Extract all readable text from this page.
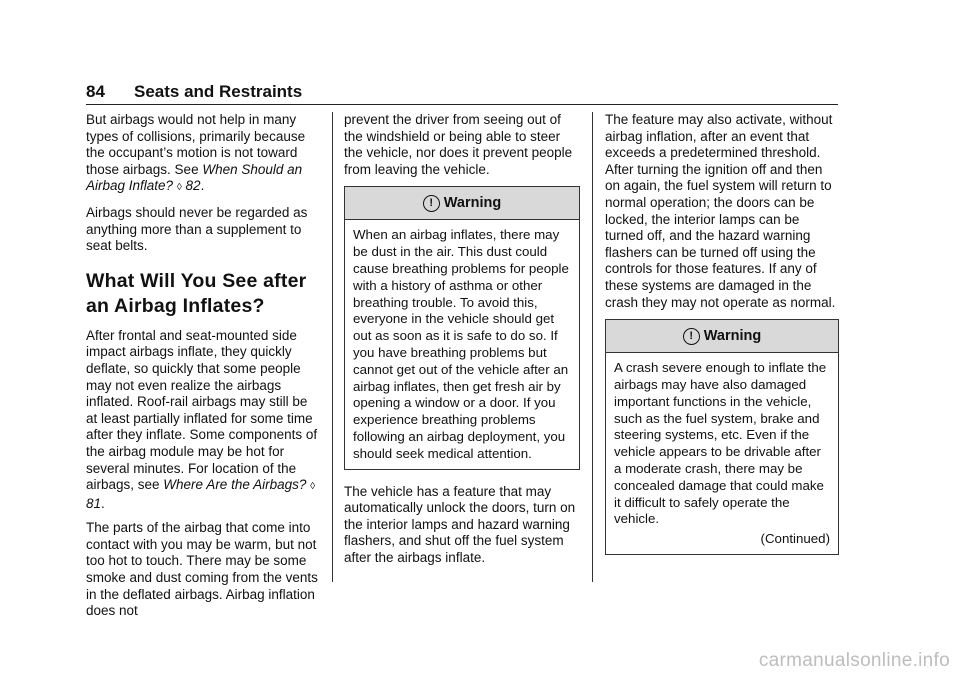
84 Seats and Restraints

But airbags would not help in many types of collisions, primarily because the occupant’s motion is not toward those airbags. See When Should an Airbag Inflate? ◊ 82.

Airbags should never be regarded as anything more than a supplement to seat belts.

What Will You See after an Airbag Inflates?

After frontal and seat-mounted side impact airbags inflate, they quickly deflate, so quickly that some people may not even realize the airbags inflated. Roof-rail airbags may still be at least partially inflated for some time after they inflate. Some components of the airbag module may be hot for several minutes. For location of the airbags, see Where Are the Airbags? ◊ 81.

The parts of the airbag that come into contact with you may be warm, but not too hot to touch. There may be some smoke and dust coming from the vents in the deflated airbags. Airbag inflation does not

prevent the driver from seeing out of the windshield or being able to steer the vehicle, nor does it prevent people from leaving the vehicle.

! Warning
When an airbag inflates, there may be dust in the air. This dust could cause breathing problems for people with a history of asthma or other breathing trouble. To avoid this, everyone in the vehicle should get out as soon as it is safe to do so. If you have breathing problems but cannot get out of the vehicle after an airbag inflates, then get fresh air by opening a window or a door. If you experience breathing problems following an airbag deployment, you should seek medical attention.

The vehicle has a feature that may automatically unlock the doors, turn on the interior lamps and hazard warning flashers, and shut off the fuel system after the airbags inflate.

The feature may also activate, without airbag inflation, after an event that exceeds a predetermined threshold. After turning the ignition off and then on again, the fuel system will return to normal operation; the doors can be locked, the interior lamps can be turned off, and the hazard warning flashers can be turned off using the controls for those features. If any of these systems are damaged in the crash they may not operate as normal.

! Warning
A crash severe enough to inflate the airbags may have also damaged important functions in the vehicle, such as the fuel system, brake and steering systems, etc. Even if the vehicle appears to be drivable after a moderate crash, there may be concealed damage that could make it difficult to safely operate the vehicle.
(Continued)
carmanualsonline.info
